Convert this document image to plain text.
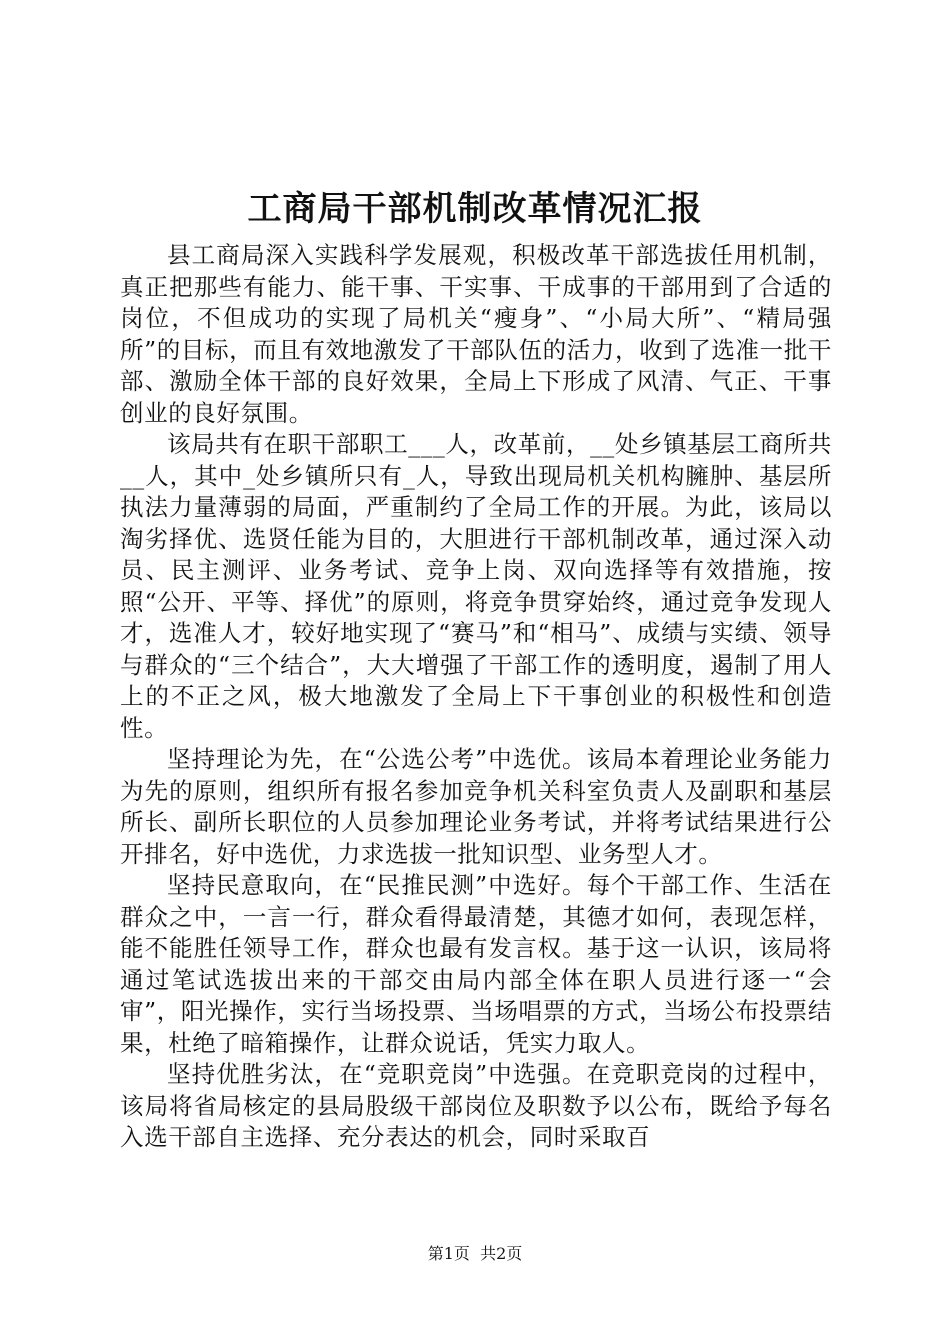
工商局干部机制改革情况汇报

县工商局深入实践科学发展观，积极改革干部选拔任用机制，真正把那些有能力、能干事、干实事、干成事的干部用到了合适的岗位，不但成功的实现了局机关“瘦身”、“小局大所”、“精局强所”的目标，而且有效地激发了干部队伍的活力，收到了选准一批干部、激励全体干部的良好效果，全局上下形成了风清、气正、干事创业的良好氛围。

该局共有在职干部职工___人，改革前，__处乡镇基层工商所共__人，其中_处乡镇所只有_人，导致出现局机关机构臃肿、基层所执法力量薄弱的局面，严重制约了全局工作的开展。为此，该局以淘劣择优、选贤任能为目的，大胆进行干部机制改革，通过深入动员、民主测评、业务考试、竞争上岗、双向选择等有效措施，按照“公开、平等、择优”的原则，将竞争贯穿始终，通过竞争发现人才，选准人才，较好地实现了“赛马”和“相马”、成绩与实绩、领导与群众的“三个结合”，大大增强了干部工作的透明度，遏制了用人上的不正之风，极大地激发了全局上下干事创业的积极性和创造性。

坚持理论为先，在“公选公考”中选优。该局本着理论业务能力为先的原则，组织所有报名参加竞争机关科室负责人及副职和基层所长、副所长职位的人员参加理论业务考试，并将考试结果进行公开排名，好中选优，力求选拔一批知识型、业务型人才。

坚持民意取向，在“民推民测”中选好。每个干部工作、生活在群众之中，一言一行，群众看得最清楚，其德才如何，表现怎样，能不能胜任领导工作，群众也最有发言权。基于这一认识，该局将通过笔试选拔出来的干部交由局内部全体在职人员进行逐一“会审”，阳光操作，实行当场投票、当场唱票的方式，当场公布投票结果，杜绝了暗箱操作，让群众说话，凭实力取人。

坚持优胜劣汰，在“竞职竞岗”中选强。在竞职竞岗的过程中，该局将省局核定的县局股级干部岗位及职数予以公布，既给予每名入选干部自主选择、充分表达的机会，同时采取百

第1页  共2页
